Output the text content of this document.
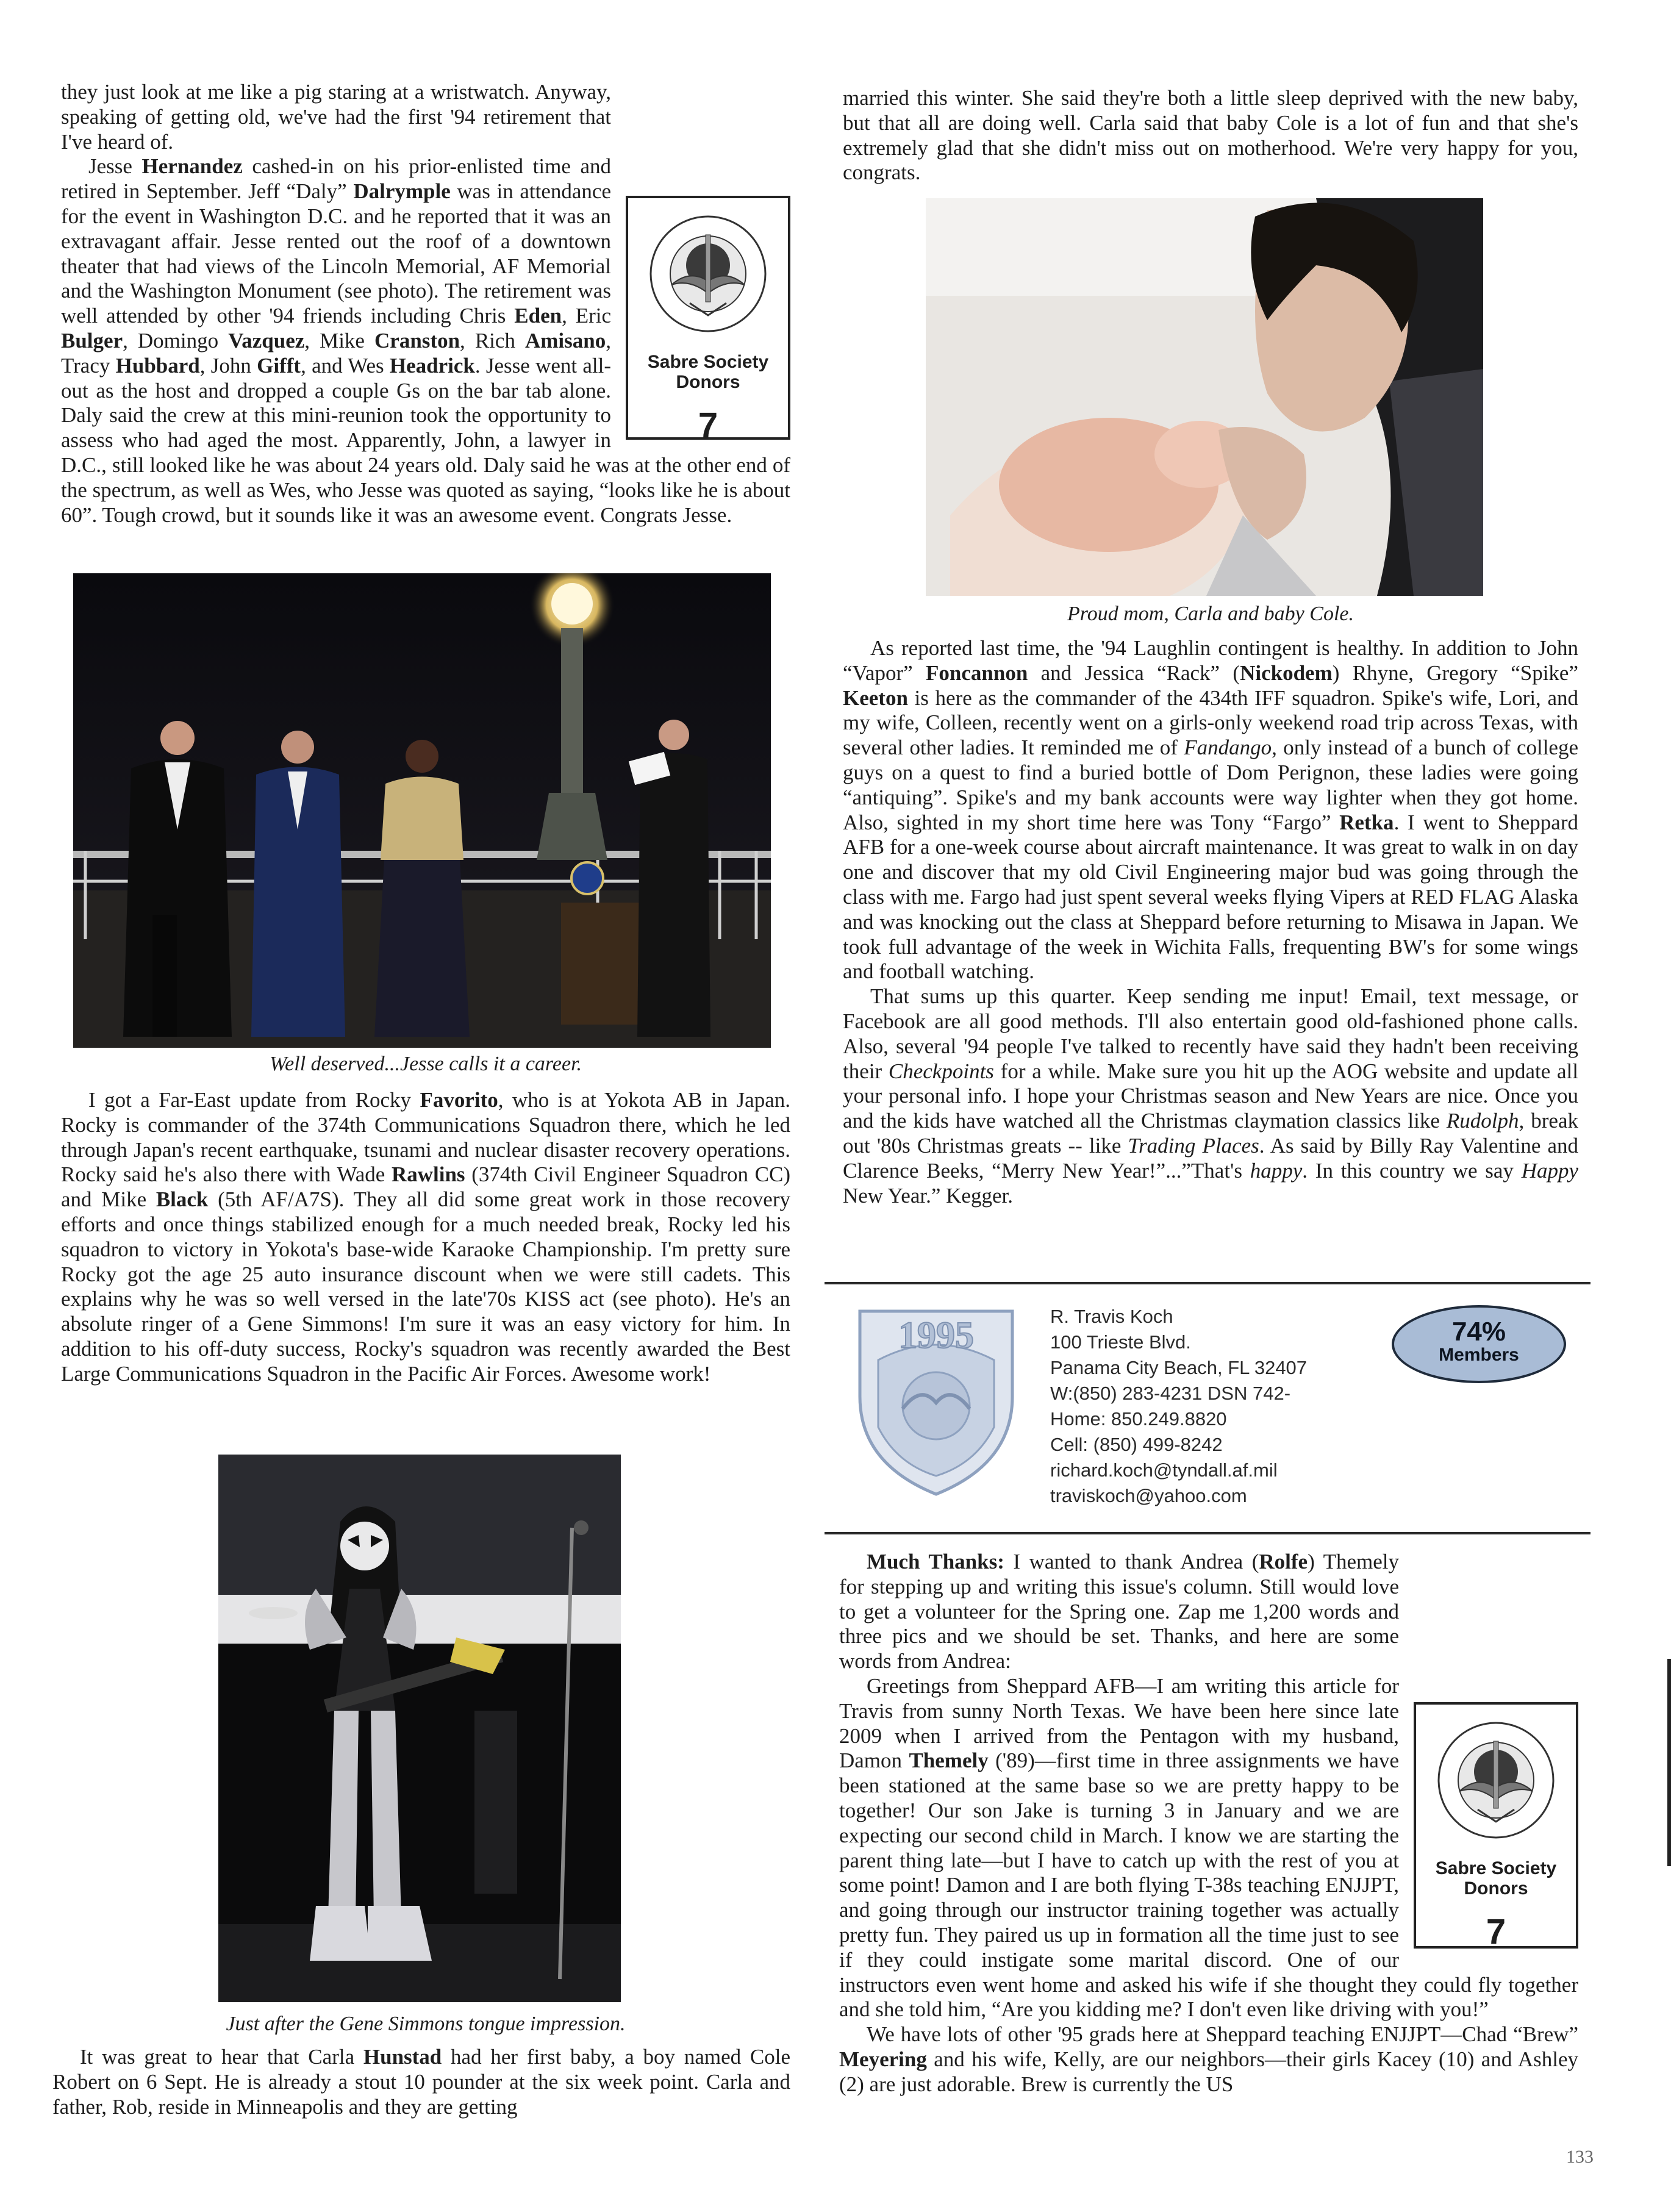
Sabre Society
Donors
7

they just look at me like a pig staring at a wristwatch. Anyway, speaking of getting old, we've had the first '94 retirement that I've heard of.

Jesse Hernandez cashed-in on his prior-enlisted time and retired in September. Jeff “Daly” Dalrymple was in attendance for the event in Washington D.C. and he reported that it was an extravagant affair. Jesse rented out the roof of a downtown theater that had views of the Lincoln Memorial, AF Memorial and the Washington Monument (see photo). The retirement was well attended by other '94 friends including Chris Eden, Eric Bulger, Domingo Vazquez, Mike Cranston, Rich Amisano, Tracy Hubbard, John Gifft, and Wes Headrick. Jesse went all-out as the host and dropped a couple Gs on the bar tab alone. Daly said the crew at this mini-reunion took the opportunity to assess who had aged the most. Apparently, John, a lawyer in D.C., still looked like he was about 24 years old. Daly said he was at the other end of the spectrum, as well as Wes, who Jesse was quoted as saying, “looks like he is about 60”. Tough crowd, but it sounds like it was an awesome event. Congrats Jesse.

Well deserved...Jesse calls it a career.

I got a Far-East update from Rocky Favorito, who is at Yokota AB in Japan. Rocky is commander of the 374th Communications Squadron there, which he led through Japan's recent earthquake, tsunami and nuclear disaster recovery operations. Rocky said he's also there with Wade Rawlins (374th Civil Engineer Squadron CC) and Mike Black (5th AF/A7S). They all did some great work in those recovery efforts and once things stabilized enough for a much needed break, Rocky led his squadron to victory in Yokota's base-wide Karaoke Championship. I'm pretty sure Rocky got the age 25 auto insurance discount when we were still cadets. This explains why he was so well versed in the late'70s KISS act (see photo). He's an absolute ringer of a Gene Simmons! I'm sure it was an easy victory for him. In addition to his off-duty success, Rocky's squadron was recently awarded the Best Large Communications Squadron in the Pacific Air Forces. Awesome work!

Just after the Gene Simmons tongue impression.

It was great to hear that Carla Hunstad had her first baby, a boy named Cole Robert on 6 Sept. He is already a stout 10 pounder at the six week point. Carla and father, Rob, reside in Minneapolis and they are getting

married this winter. She said they're both a little sleep deprived with the new baby, but that all are doing well. Carla said that baby Cole is a lot of fun and that she's extremely glad that she didn't miss out on motherhood. We're very happy for you, congrats.

Proud mom, Carla and baby Cole.

As reported last time, the '94 Laughlin contingent is healthy. In addition to John “Vapor” Foncannon and Jessica “Rack” (Nickodem) Rhyne, Gregory “Spike” Keeton is here as the commander of the 434th IFF squadron. Spike's wife, Lori, and my wife, Colleen, recently went on a girls-only weekend road trip across Texas, with several other ladies. It reminded me of Fandango, only instead of a bunch of college guys on a quest to find a buried bottle of Dom Perignon, these ladies were going “antiquing”. Spike's and my bank accounts were way lighter when they got home. Also, sighted in my short time here was Tony “Fargo” Retka. I went to Sheppard AFB for a one-week course about aircraft maintenance. It was great to walk in on day one and discover that my old Civil Engineering major bud was going through the class with me. Fargo had just spent several weeks flying Vipers at RED FLAG Alaska and was knocking out the class at Sheppard before returning to Misawa in Japan. We took full advantage of the week in Wichita Falls, frequenting BW's for some wings and football watching.

That sums up this quarter. Keep sending me input! Email, text message, or Facebook are all good methods. I'll also entertain good old-fashioned phone calls. Also, several '94 people I've talked to recently have said they hadn't been receiving their Checkpoints for a while. Make sure you hit up the AOG website and update all your personal info. I hope your Christmas season and New Years are nice. Once you and the kids have watched all the Christmas claymation classics like Rudolph, break out '80s Christmas greats -- like Trading Places. As said by Billy Ray Valentine and Clarence Beeks, “Merry New Year!”...”That's happy. In this country we say Happy New Year.” Kegger.

1995	R. Travis Koch
100 Trieste Blvd.
Panama City Beach, FL 32407
W:(850) 283-4231 DSN 742-
Home: 850.249.8820
Cell: (850) 499-8242
richard.koch@tyndall.af.mil
traviskoch@yahoo.com
74%
Members
Sabre Society
Donors
7

Much Thanks: I wanted to thank Andrea (Rolfe) Themely for stepping up and writing this issue's column. Still would love to get a volunteer for the Spring one. Zap me 1,200 words and three pics and we should be set. Thanks, and here are some words from Andrea:

Greetings from Sheppard AFB—I am writing this article for Travis from sunny North Texas. We have been here since late 2009 when I arrived from the Pentagon with my husband, Damon Themely ('89)—first time in three assignments we have been stationed at the same base so we are pretty happy to be together! Our son Jake is turning 3 in January and we are expecting our second child in March. I know we are starting the parent thing late—but I have to catch up with the rest of you at some point! Damon and I are both flying T-38s teaching ENJJPT, and going through our instructor training together was actually pretty fun. They paired us up in formation all the time just to see if they could instigate some marital discord. One of our instructors even went home and asked his wife if she thought they could fly together and she told him, “Are you kidding me? I don't even like driving with you!”

We have lots of other '95 grads here at Sheppard teaching ENJJPT—Chad “Brew” Meyering and his wife, Kelly, are our neighbors—their girls Kacey (10) and Ashley (2) are just adorable. Brew is currently the US

133
